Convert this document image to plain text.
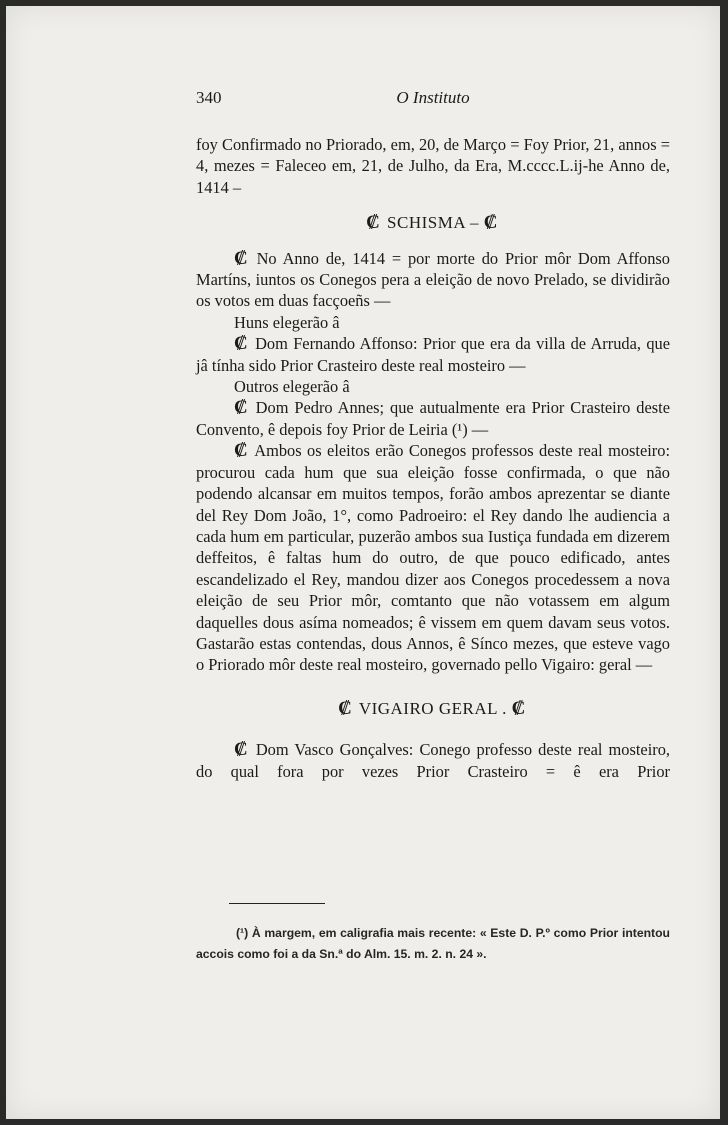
340	O Instituto

foy Confirmado no Priorado, em, 20, de Março = Foy Prior, 21, annos = 4, mezes = Faleceo em, 21, de Julho, da Era, M.cccc.L.ij-he Anno de, 1414 –

₡ SCHISMA – ₡

₡ No Anno de, 1414 = por morte do Prior môr Dom Affonso Martíns, iuntos os Conegos pera a eleição de novo Prelado, se dividirão os votos em duas facçoeñs —

Huns elegerão â

₡ Dom Fernando Affonso: Prior que era da villa de Arruda, que jâ tínha sido Prior Crasteiro deste real mosteiro —

Outros elegerão â

₡ Dom Pedro Annes; que autualmente era Prior Crasteiro deste Convento, ê depois foy Prior de Leiria (¹) —

₡ Ambos os eleitos erão Conegos professos deste real mosteiro: procurou cada hum que sua eleição fosse confirmada, o que não podendo alcansar em muitos tempos, forão ambos aprezentar se diante del Rey Dom João, 1°, como Padroeiro: el Rey dando lhe audiencia a cada hum em particular, puzerão ambos sua Iustiça fundada em dizerem deffeitos, ê faltas hum do outro, de que pouco edificado, antes escandelizado el Rey, mandou dizer aos Conegos procedessem a nova eleição de seu Prior môr, comtanto que não votassem em algum daquelles dous asíma nomeados; ê vissem em quem davam seus votos. Gastarão estas contendas, dous Annos, ê Sínco mezes, que esteve vago o Priorado môr deste real mosteiro, governado pello Vigairo: geral —

₡ VIGAIRO GERAL . ₡

₡ Dom Vasco Gonçalves: Conego professo deste real mosteiro, do qual fora por vezes Prior Crasteiro = ê era Prior

(¹) À margem, em caligrafia mais recente: « Este D. P.º como Prior intentou accois como foi a da Sn.ª do Alm. 15. m. 2. n. 24 ».
